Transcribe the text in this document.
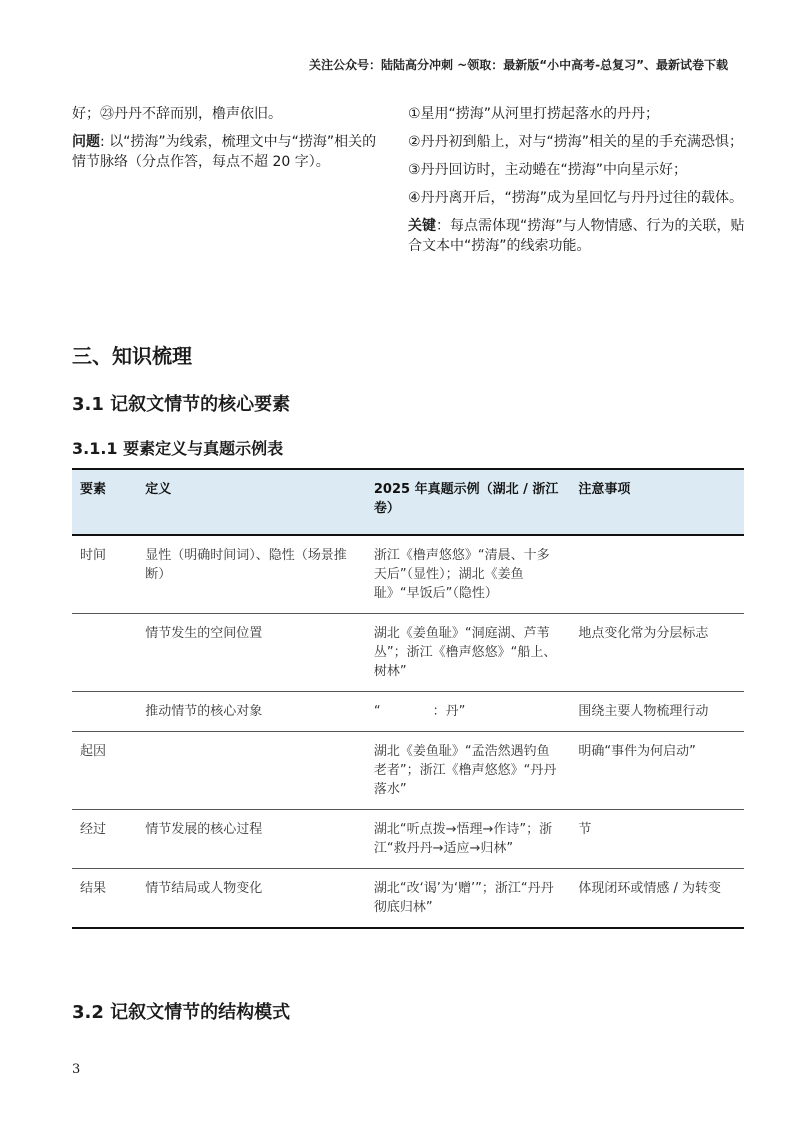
关注公众号：陆陆高分冲刺 ~领取：最新版“小中高考-总复习”、最新试卷下载

好；㉓丹丹不辞而别，橹声依旧。

问题: 以“捞海”为线索，梳理文中与“捞海”相关的情节脉络（分点作答，每点不超 20 字）。

①星用“捞海”从河里打捞起落水的丹丹；

②丹丹初到船上，对与“捞海”相关的星的手充满恐惧；

③丹丹回访时，主动蜷在“捞海”中向星示好；

④丹丹离开后，“捞海”成为星回忆与丹丹过往的载体。

关键：每点需体现“捞海”与人物情感、行为的关联，贴合文本中“捞海”的线索功能。

三、知识梳理
3.1 记叙文情节的核心要素
3.1.1 要素定义与真题示例表
要素	定义	2025 年真题示例（湖北 / 浙江卷）	注意事项
时间	显性（明确时间词）、隐性（场景推断）	浙江《橹声悠悠》“清晨、十多天后”（显性）；湖北《姜鱼耻》“早饭后”（隐性）	
	情节发生的空间位置	湖北《姜鱼耻》“洞庭湖、芦苇丛”；浙江《橹声悠悠》“船上、树林”	地点变化常为分层标志
	推动情节的核心对象	“　　　　：丹”	围绕主要人物梳理行动
起因		湖北《姜鱼耻》“孟浩然遇钓鱼老者”；浙江《橹声悠悠》“丹丹落水”	明确“事件为何启动”
经过	情节发展的核心过程	湖北“听点拨→悟理→作诗”；浙江“救丹丹→适应→归林”	节
结果	情节结局或人物变化	湖北“改‘谒’为‘赠’”；浙江“丹丹彻底归林”	体现闭环或情感 / 为转变
3.2 记叙文情节的结构模式
3
